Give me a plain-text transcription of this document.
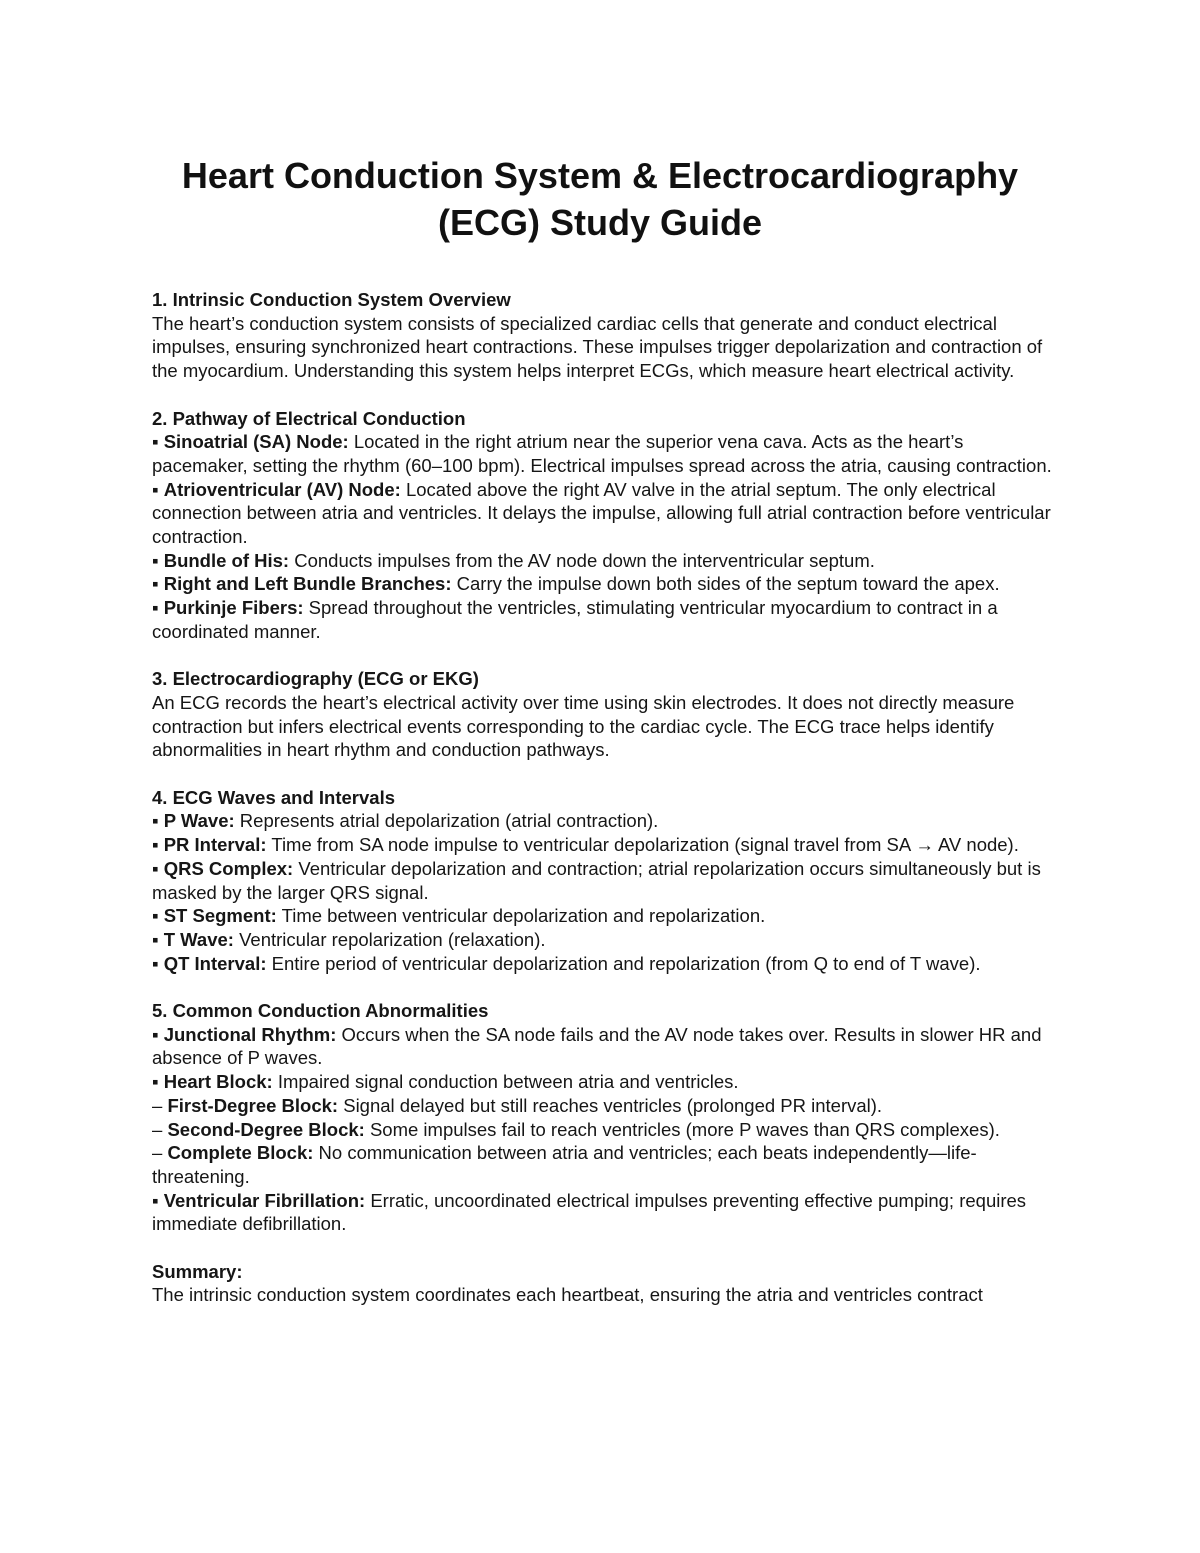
Heart Conduction System & Electrocardiography
(ECG) Study Guide
1. Intrinsic Conduction System Overview
The heart’s conduction system consists of specialized cardiac cells that generate and conduct electrical impulses, ensuring synchronized heart contractions. These impulses trigger depolarization and contraction of the myocardium. Understanding this system helps interpret ECGs, which measure heart electrical activity.
2. Pathway of Electrical Conduction
▪ Sinoatrial (SA) Node: Located in the right atrium near the superior vena cava. Acts as the heart’s pacemaker, setting the rhythm (60–100 bpm). Electrical impulses spread across the atria, causing contraction.
▪ Atrioventricular (AV) Node: Located above the right AV valve in the atrial septum. The only electrical connection between atria and ventricles. It delays the impulse, allowing full atrial contraction before ventricular contraction.
▪ Bundle of His: Conducts impulses from the AV node down the interventricular septum.
▪ Right and Left Bundle Branches: Carry the impulse down both sides of the septum toward the apex.
▪ Purkinje Fibers: Spread throughout the ventricles, stimulating ventricular myocardium to contract in a coordinated manner.
3. Electrocardiography (ECG or EKG)
An ECG records the heart’s electrical activity over time using skin electrodes. It does not directly measure contraction but infers electrical events corresponding to the cardiac cycle. The ECG trace helps identify abnormalities in heart rhythm and conduction pathways.
4. ECG Waves and Intervals
▪ P Wave: Represents atrial depolarization (atrial contraction).
▪ PR Interval: Time from SA node impulse to ventricular depolarization (signal travel from SA → AV node).
▪ QRS Complex: Ventricular depolarization and contraction; atrial repolarization occurs simultaneously but is masked by the larger QRS signal.
▪ ST Segment: Time between ventricular depolarization and repolarization.
▪ T Wave: Ventricular repolarization (relaxation).
▪ QT Interval: Entire period of ventricular depolarization and repolarization (from Q to end of T wave).
5. Common Conduction Abnormalities
▪ Junctional Rhythm: Occurs when the SA node fails and the AV node takes over. Results in slower HR and absence of P waves.
▪ Heart Block: Impaired signal conduction between atria and ventricles.
– First-Degree Block: Signal delayed but still reaches ventricles (prolonged PR interval).
– Second-Degree Block: Some impulses fail to reach ventricles (more P waves than QRS complexes).
– Complete Block: No communication between atria and ventricles; each beats independently—life-threatening.
▪ Ventricular Fibrillation: Erratic, uncoordinated electrical impulses preventing effective pumping; requires immediate defibrillation.
Summary:
The intrinsic conduction system coordinates each heartbeat, ensuring the atria and ventricles contract
